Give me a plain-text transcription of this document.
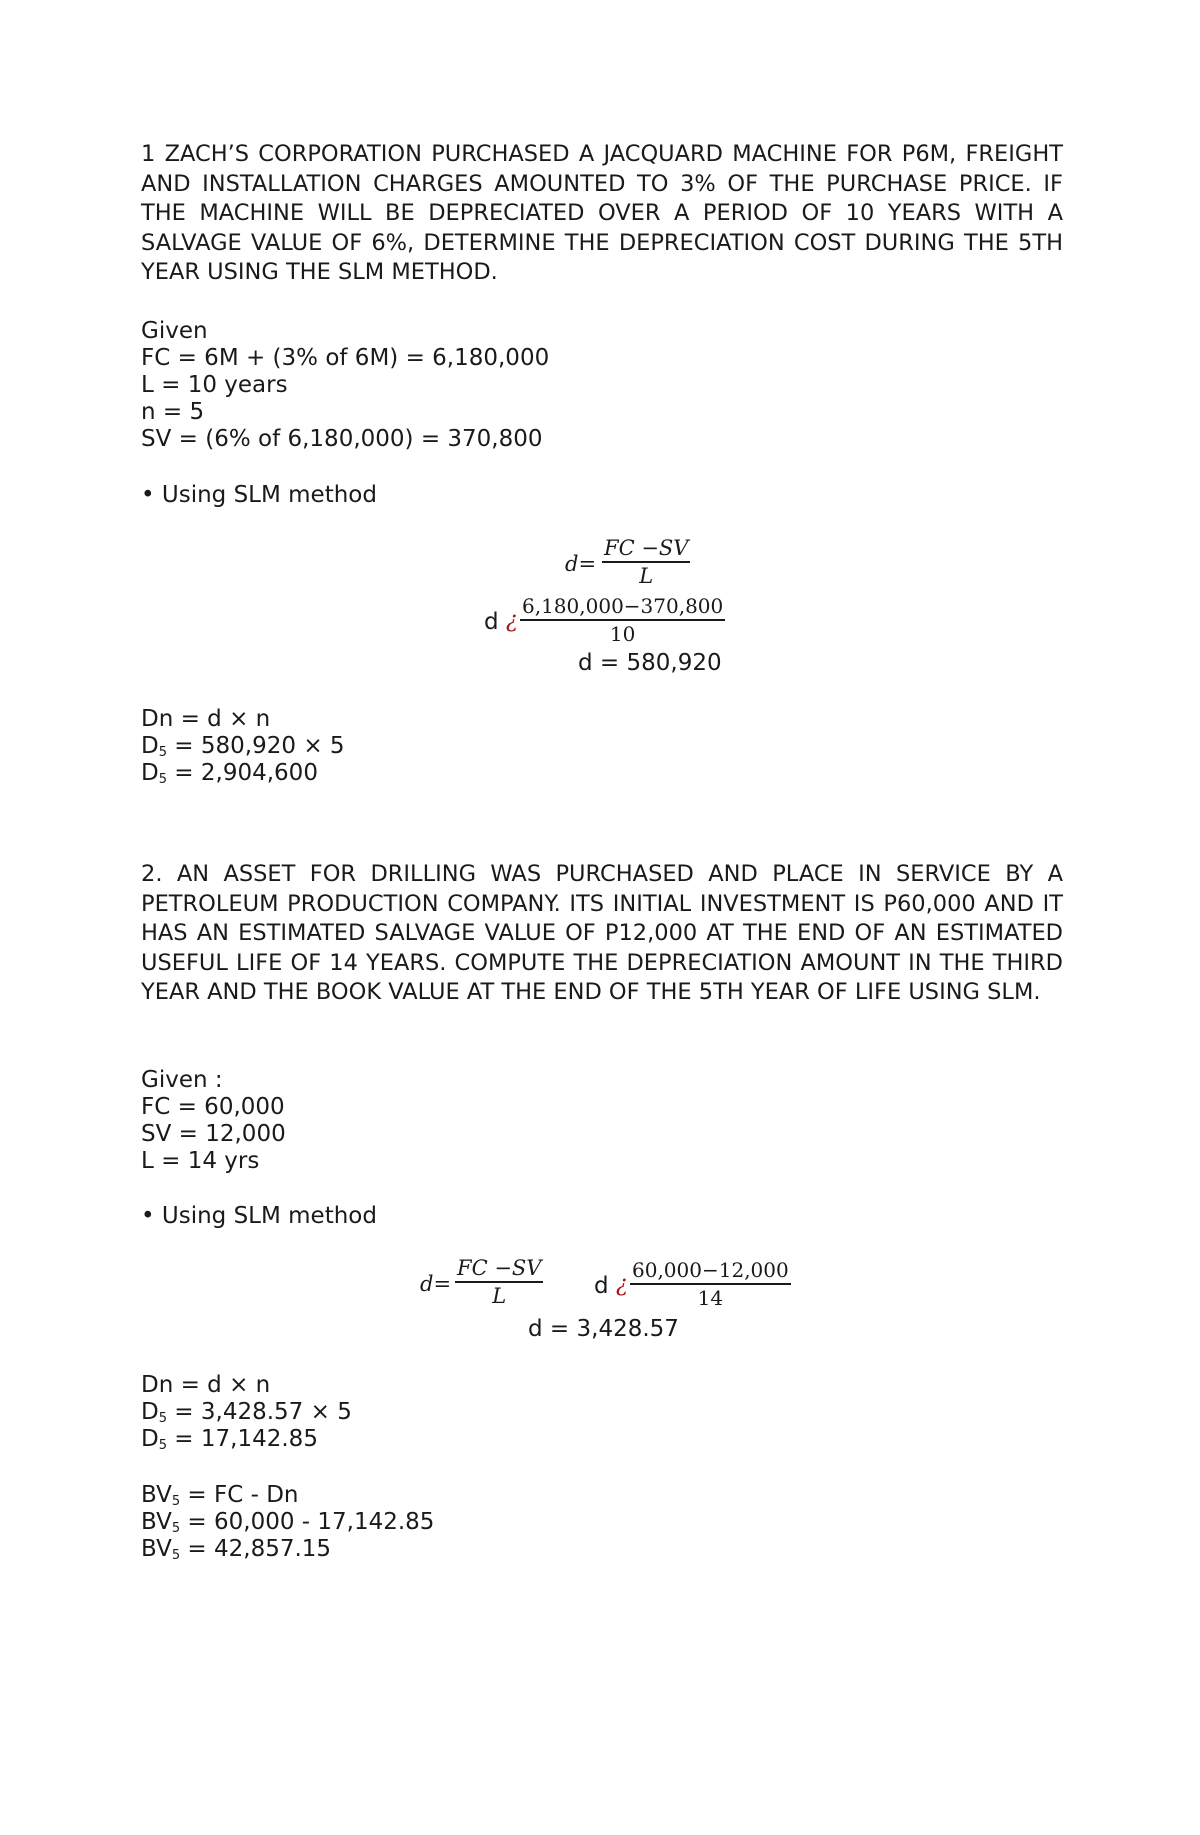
1 ZACH’S CORPORATION PURCHASED A JACQUARD MACHINE FOR P6M, FREIGHT AND INSTALLATION CHARGES AMOUNTED TO 3% OF THE PURCHASE PRICE. IF THE MACHINE WILL BE DEPRECIATED OVER A PERIOD OF 10 YEARS WITH A SALVAGE VALUE OF 6%, DETERMINE THE DEPRECIATION COST DURING THE 5TH YEAR USING THE SLM METHOD.
Given
FC = 6M + (3% of 6M) = 6,180,000
L = 10 years
n = 5
SV = (6% of 6,180,000) = 370,800
• Using SLM method
d=
FC −SV
L
d ¿
6,180,000−370,800
10
d = 580,920
Dn = d × n
$D_5 = 580,920 \times 5$
$D_5 = 2,904,600$
2. AN ASSET FOR DRILLING WAS PURCHASED AND PLACE IN SERVICE BY A PETROLEUM PRODUCTION COMPANY. ITS INITIAL INVESTMENT IS P60,000 AND IT HAS AN ESTIMATED SALVAGE VALUE OF P12,000 AT THE END OF AN ESTIMATED USEFUL LIFE OF 14 YEARS. COMPUTE THE DEPRECIATION AMOUNT IN THE THIRD YEAR AND THE BOOK VALUE AT THE END OF THE 5TH YEAR OF LIFE USING SLM.
Given :
FC = 60,000
SV = 12,000
L = 14 yrs
• Using SLM method
d=
FC −SV
L	d ¿
60,000−12,000
14
d = 3,428.57
Dn = d × n
$D_5 = 3,428.57 \times 5$
$D_5 = 17,142.85$
$BV_5$ = FC - Dn
$BV_5 = 60,000 - 17,142.85$
$BV_5 = 42,857.15$
